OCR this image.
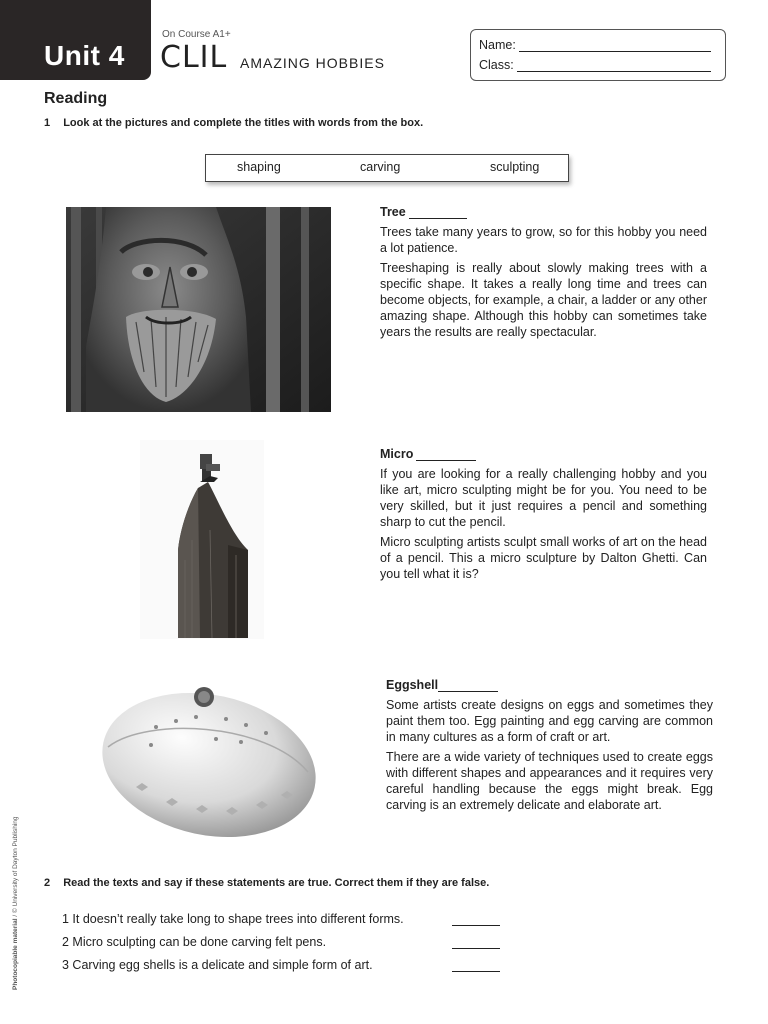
Unit 4
On Course A1+
CLIL AMAZING HOBBIES
Name:
Class:
Reading
1 Look at the pictures and complete the titles with words from the box.
shaping	carving	sculpting
Tree

Trees take many years to grow, so for this hobby you need a lot patience.

Treeshaping is really about slowly making trees with a specific shape. It takes a really long time and trees can become objects, for example, a chair, a ladder or any other amazing shape. Although this hobby can sometimes take years the results are really spectacular.

Micro

If you are looking for a really challenging hobby and you like art, micro sculpting might be for you. You need to be very skilled, but it just requires a pencil and something sharp to cut the pencil.

Micro sculpting artists sculpt small works of art on the head of a pencil. This a micro sculpture by Dalton Ghetti. Can you tell what it is?

Eggshell

Some artists create designs on eggs and sometimes they paint them too. Egg painting and egg carving are common in many cultures as a form of craft or art.

There are a wide variety of techniques used to create eggs with different shapes and appearances and it requires very careful handling because the eggs might break. Egg carving is an extremely delicate and elaborate art.

2 Read the texts and say if these statements are true. Correct them if they are false.
1 It doesn’t really take long to shape trees into different forms.
2 Micro sculpting can be done carving felt pens.
3 Carving egg shells is a delicate and simple form of art.
Photocopiable material / © University of Dayton Publishing
